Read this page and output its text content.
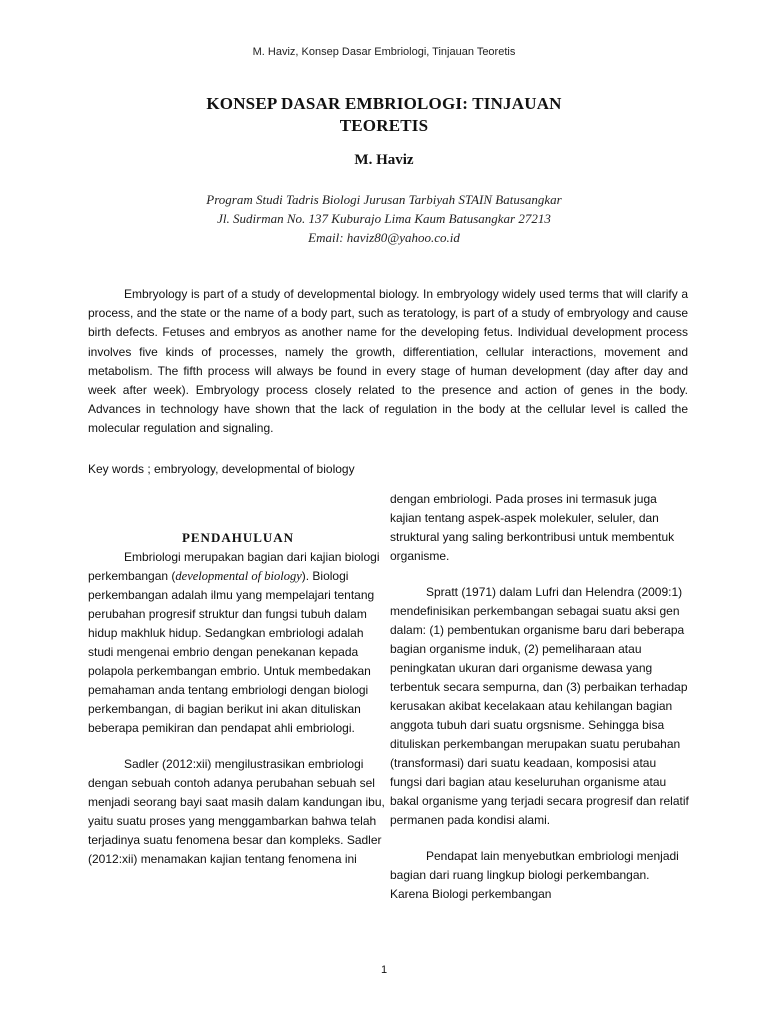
M. Haviz, Konsep Dasar Embriologi, Tinjauan Teoretis
KONSEP DASAR EMBRIOLOGI: TINJAUAN
TEORETIS
M. Haviz
Program Studi Tadris Biologi Jurusan Tarbiyah STAIN Batusangkar
Jl. Sudirman No. 137 Kuburajo Lima Kaum Batusangkar 27213
Email: haviz80@yahoo.co.id

Embryology is part of a study of developmental biology. In embryology widely used terms that will clarify a process, and the state or the name of a body part, such as teratology, is part of a study of embryology and cause birth defects. Fetuses and embryos as another name for the developing fetus. Individual development process involves five kinds of processes, namely the growth, differentiation, cellular interactions, movement and metabolism. The fifth process will always be found in every stage of human development (day after day and week after week). Embryology process closely related to the presence and action of genes in the body. Advances in technology have shown that the lack of regulation in the body at the cellular level is called the molecular regulation and signaling.

Key words ; embryology, developmental of biology

PENDAHULUAN

Embriologi merupakan bagian dari kajian biologi perkembangan (developmental of biology). Biologi perkembangan adalah ilmu yang mempelajari tentang perubahan progresif struktur dan fungsi tubuh dalam hidup makhluk hidup. Sedangkan embriologi adalah studi mengenai embrio dengan penekanan kepada polapola perkembangan embrio. Untuk membedakan pemahaman anda tentang embriologi dengan biologi perkembangan, di bagian berikut ini akan dituliskan beberapa pemikiran dan pendapat ahli embriologi.

Sadler (2012:xii) mengilustrasikan embriologi dengan sebuah contoh adanya perubahan sebuah sel menjadi seorang bayi saat masih dalam kandungan ibu, yaitu suatu proses yang menggambarkan bahwa telah terjadinya suatu fenomena besar dan kompleks. Sadler (2012:xii) menamakan kajian tentang fenomena ini

dengan embriologi. Pada proses ini termasuk juga kajian tentang aspek-aspek molekuler, seluler, dan struktural yang saling berkontribusi untuk membentuk organisme.

Spratt (1971) dalam Lufri dan Helendra (2009:1) mendefinisikan perkembangan sebagai suatu aksi gen dalam: (1) pembentukan organisme baru dari beberapa bagian organisme induk, (2) pemeliharaan atau peningkatan ukuran dari organisme dewasa yang terbentuk secara sempurna, dan (3) perbaikan terhadap kerusakan akibat kecelakaan atau kehilangan bagian anggota tubuh dari suatu orgsnisme. Sehingga bisa dituliskan perkembangan merupakan suatu perubahan (transformasi) dari suatu keadaan, komposisi atau fungsi dari bagian atau keseluruhan organisme atau bakal organisme yang terjadi secara progresif dan relatif permanen pada kondisi alami.

Pendapat lain menyebutkan embriologi menjadi bagian dari ruang lingkup biologi perkembangan. Karena Biologi perkembangan

1
